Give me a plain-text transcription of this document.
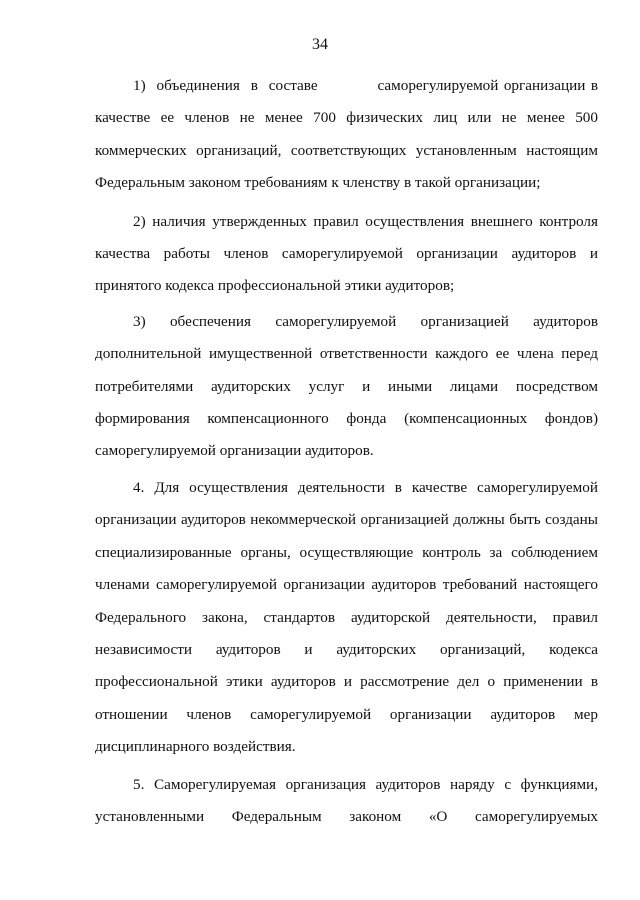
34

1)  объединения  в  составе           саморегулируемой организации в качестве ее членов не менее 700 физических лиц или не менее 500 коммерческих организаций, соответствующих установленным настоящим Федеральным законом требованиям к членству в такой организации;

2) наличия утвержденных правил осуществления внешнего контроля качества работы членов саморегулируемой организации аудиторов и принятого кодекса профессиональной этики аудиторов;

3)     обеспечения     саморегулируемой     организацией     аудиторов дополнительной имущественной ответственности каждого ее члена перед потребителями аудиторских услуг и иными лицами посредством формирования компенсационного фонда (компенсационных фондов) саморегулируемой организации аудиторов.

4. Для осуществления деятельности в качестве саморегулируемой организации аудиторов некоммерческой организацией должны быть созданы специализированные органы, осуществляющие контроль за соблюдением членами саморегулируемой организации аудиторов требований настоящего Федерального закона, стандартов аудиторской деятельности, правил независимости аудиторов и аудиторских организаций, кодекса профессиональной этики аудиторов и рассмотрение дел о применении в отношении членов саморегулируемой организации аудиторов мер дисциплинарного воздействия.

5. Саморегулируемая организация аудиторов наряду с функциями, установленными Федеральным законом «О саморегулируемых
